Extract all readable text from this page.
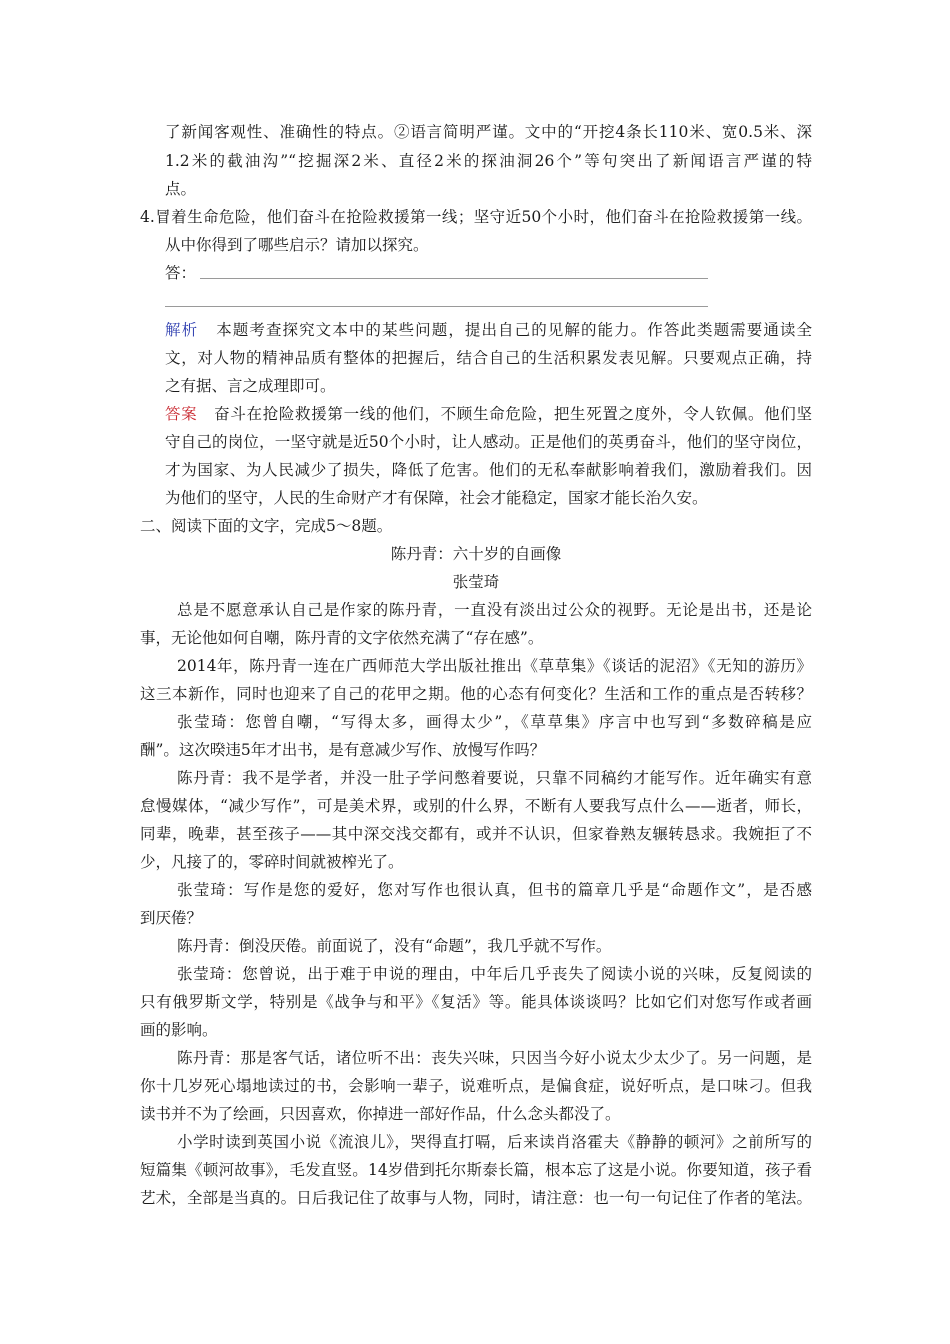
了新闻客观性、准确性的特点。②语言简明严谨。文中的“开挖4条长110米、宽0.5米、深
1.2米的截油沟”“挖掘深2米、直径2米的探油洞26个”等句突出了新闻语言严谨的特
点。
4.冒着生命危险，他们奋斗在抢险救援第一线；坚守近50个小时，他们奋斗在抢险救援第一线。
从中你得到了哪些启示？请加以探究。
答：
解析 本题考查探究文本中的某些问题，提出自己的见解的能力。作答此类题需要通读全
文，对人物的精神品质有整体的把握后，结合自己的生活积累发表见解。只要观点正确，持
之有据、言之成理即可。
答案 奋斗在抢险救援第一线的他们，不顾生命危险，把生死置之度外，令人钦佩。他们坚
守自己的岗位，一坚守就是近50个小时，让人感动。正是他们的英勇奋斗，他们的坚守岗位，
才为国家、为人民减少了损失，降低了危害。他们的无私奉献影响着我们，激励着我们。因
为他们的坚守，人民的生命财产才有保障，社会才能稳定，国家才能长治久安。
二、阅读下面的文字，完成5～8题。
陈丹青：六十岁的自画像
张莹琦
总是不愿意承认自己是作家的陈丹青，一直没有淡出过公众的视野。无论是出书，还是论
事，无论他如何自嘲，陈丹青的文字依然充满了“存在感”。
2014年，陈丹青一连在广西师范大学出版社推出《草草集》《谈话的泥沼》《无知的游历》
这三本新作，同时也迎来了自己的花甲之期。他的心态有何变化？生活和工作的重点是否转移？
张莹琦：您曾自嘲，“写得太多，画得太少”，《草草集》序言中也写到“多数碎稿是应
酬”。这次暌违5年才出书，是有意减少写作、放慢写作吗？
陈丹青：我不是学者，并没一肚子学问憋着要说，只靠不同稿约才能写作。近年确实有意
怠慢媒体，“减少写作”，可是美术界，或别的什么界，不断有人要我写点什么——逝者，师长，
同辈，晚辈，甚至孩子——其中深交浅交都有，或并不认识，但家眷熟友辗转恳求。我婉拒了不
少，凡接了的，零碎时间就被榨光了。
张莹琦：写作是您的爱好，您对写作也很认真，但书的篇章几乎是“命题作文”，是否感
到厌倦？
陈丹青：倒没厌倦。前面说了，没有“命题”，我几乎就不写作。
张莹琦：您曾说，出于难于申说的理由，中年后几乎丧失了阅读小说的兴味，反复阅读的
只有俄罗斯文学，特别是《战争与和平》《复活》等。能具体谈谈吗？比如它们对您写作或者画
画的影响。
陈丹青：那是客气话，诸位听不出：丧失兴味，只因当今好小说太少太少了。另一问题，是
你十几岁死心塌地读过的书，会影响一辈子，说难听点，是偏食症，说好听点，是口味刁。但我
读书并不为了绘画，只因喜欢，你掉进一部好作品，什么念头都没了。
小学时读到英国小说《流浪儿》，哭得直打嗝，后来读肖洛霍夫《静静的顿河》之前所写的
短篇集《顿河故事》，毛发直竖。14岁借到托尔斯泰长篇，根本忘了这是小说。你要知道，孩子看
艺术，全部是当真的。日后我记住了故事与人物，同时，请注意：也一句一句记住了作者的笔法。
